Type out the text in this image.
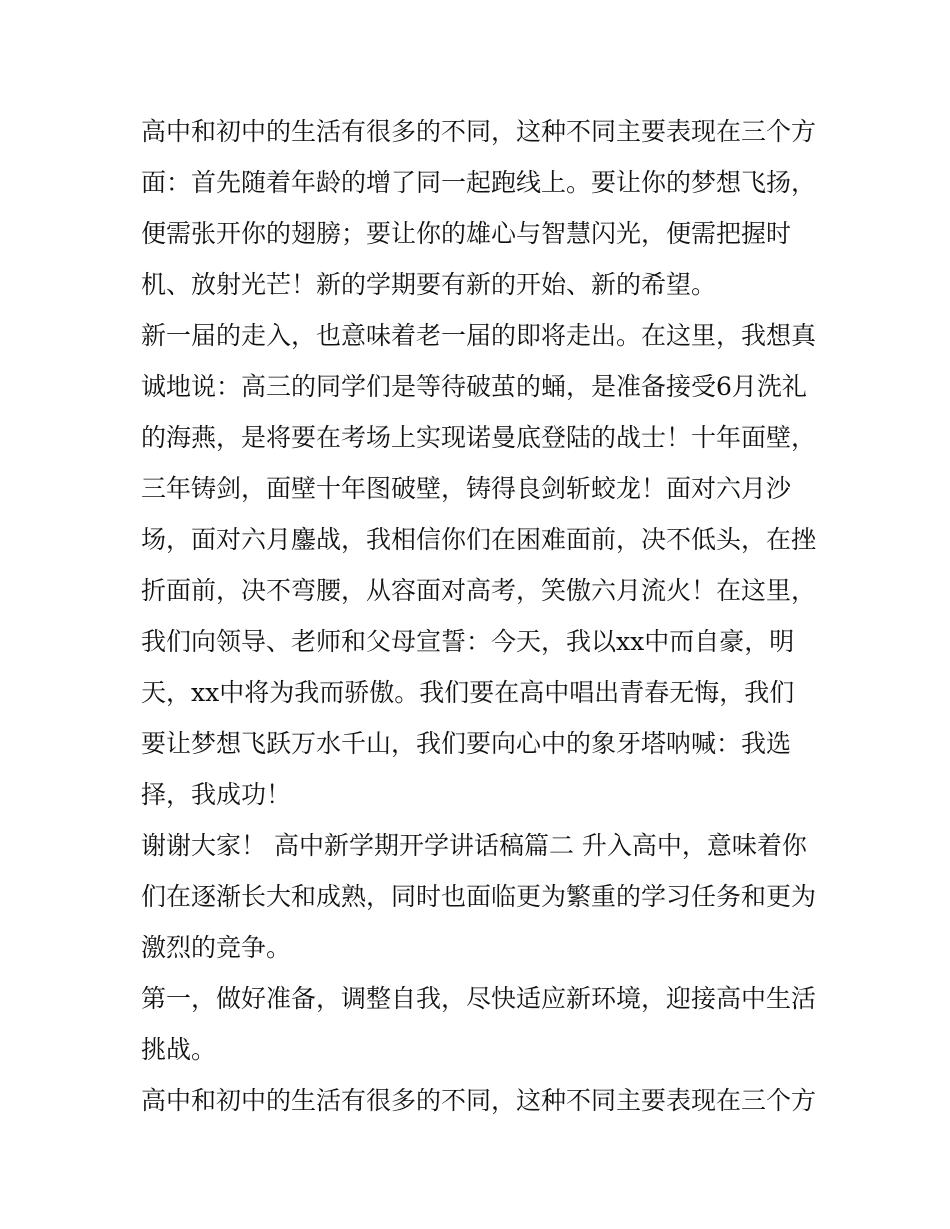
高中和初中的生活有很多的不同，这种不同主要表现在三个方
面：首先随着年龄的增了同一起跑线上。要让你的梦想飞扬，
便需张开你的翅膀；要让你的雄心与智慧闪光，便需把握时
机、放射光芒！新的学期要有新的开始、新的希望。
新一届的走入，也意味着老一届的即将走出。在这里，我想真
诚地说：高三的同学们是等待破茧的蛹，是准备接受6月洗礼
的海燕，是将要在考场上实现诺曼底登陆的战士！十年面壁，
三年铸剑，面壁十年图破壁，铸得良剑斩蛟龙！面对六月沙
场，面对六月鏖战，我相信你们在困难面前，决不低头，在挫
折面前，决不弯腰，从容面对高考，笑傲六月流火！在这里，
我们向领导、老师和父母宣誓：今天，我以xx中而自豪，明
天，xx中将为我而骄傲。我们要在高中唱出青春无悔，我们
要让梦想飞跃万水千山，我们要向心中的象牙塔呐喊：我选
择，我成功！
谢谢大家！ 高中新学期开学讲话稿篇二 升入高中，意味着你
们在逐渐长大和成熟，同时也面临更为繁重的学习任务和更为
激烈的竞争。
第一，做好准备，调整自我，尽快适应新环境，迎接高中生活
挑战。
高中和初中的生活有很多的不同，这种不同主要表现在三个方
